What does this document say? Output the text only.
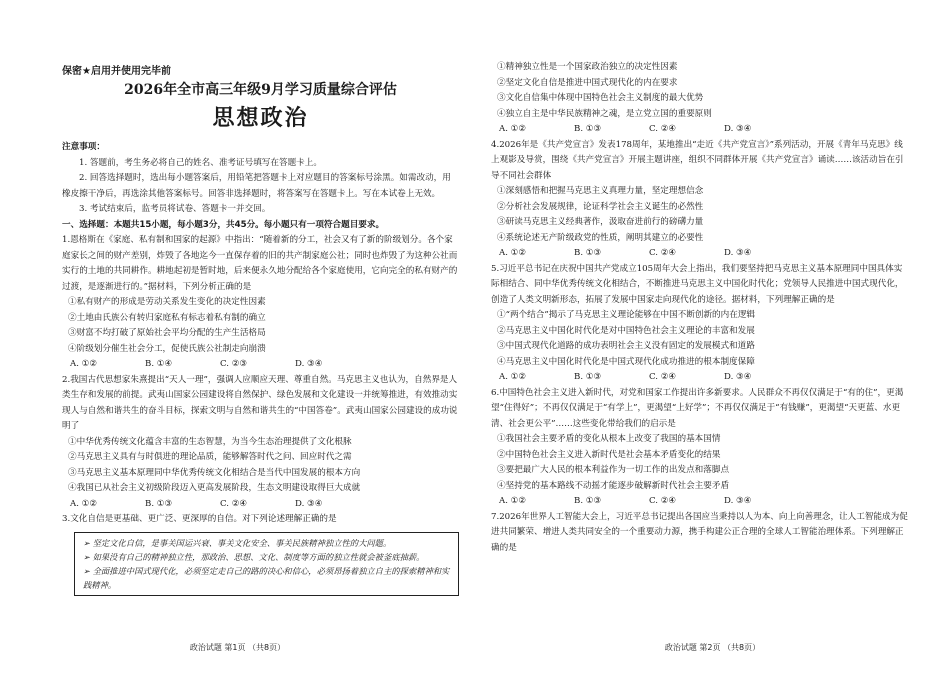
保密★启用并使用完毕前
2026年全市高三年级9月学习质量综合评估
思想政治

注意事项：

1. 答题前，考生务必将自己的姓名、准考证号填写在答题卡上。

2. 回答选择题时，选出每小题答案后，用铅笔把答题卡上对应题目的答案标号涂黑。如需改动，用橡皮擦干净后，再选涂其他答案标号。回答非选择题时，将答案写在答题卡上。写在本试卷上无效。

3. 考试结束后，监考员将试卷、答题卡一并交回。

一、选择题：本题共15小题，每小题3分，共45分。每小题只有一项符合题目要求。

1.恩格斯在《家庭、私有制和国家的起源》中指出：“随着新的分工，社会又有了新的阶级划分。各个家庭家长之间的财产差别，炸毁了各地迄今一直保存着的旧的共产制家庭公社；同时也炸毁了为这种公社而实行的土地的共同耕作。耕地起初是暂时地，后来便永久地分配给各个家庭使用，它向完全的私有财产的过渡，是逐渐进行的。”据材料，下列分析正确的是

①私有财产的形成是劳动关系发生变化的决定性因素

②土地由氏族公有转归家庭私有标志着私有制的确立

③财富不均打破了原始社会平均分配的生产生活格局

④阶级划分催生社会分工，促使氏族公社制走向崩溃

A. ①②	B. ①④	C. ②③	D. ③④

2.我国古代思想家朱熹提出“天人一理”，强调人应顺应天理、尊重自然。马克思主义也认为，自然界是人类生存和发展的前提。武夷山国家公园建设将自然保护、绿色发展和文化建设一并统筹推进，有效推动实现人与自然和谐共生的奋斗目标，探索文明与自然和谐共生的“中国答卷”。武夷山国家公园建设的成功说明了

①中华优秀传统文化蕴含丰富的生态智慧，为当今生态治理提供了文化根脉

②马克思主义具有与时俱进的理论品质，能够解答时代之问、回应时代之需

③马克思主义基本原理同中华优秀传统文化相结合是当代中国发展的根本方向

④我国已从社会主义初级阶段迈入更高发展阶段，生态文明建设取得巨大成就

A. ①②	B. ①③	C. ②④	D. ③④

3.文化自信是更基础、更广泛、更深厚的自信。对下列论述理解正确的是

➢ 坚定文化自信，是事关国运兴衰、事关文化安全、事关民族精神独立性的大问题。

➢ 如果没有自己的精神独立性，那政治、思想、文化、制度等方面的独立性就会被釜底抽薪。

➢ 全面推进中国式现代化，必须坚定走自己的路的决心和信心，必须昂扬着独立自主的探索精神和实践精神。

政治试题 第1页 （共8页）

①精神独立性是一个国家政治独立的决定性因素

②坚定文化自信是推进中国式现代化的内在要求

③文化自信集中体现中国特色社会主义制度的最大优势

④独立自主是中华民族精神之魂，是立党立国的重要原则

A. ①②	B. ①③	C. ②④	D. ③④

4.2026年是《共产党宣言》发表178周年，某地推出“走近《共产党宣言》”系列活动，开展《青年马克思》线上观影及导赏，围绕《共产党宣言》开展主题讲座，组织不同群体开展《共产党宣言》诵读……该活动旨在引导不同社会群体

①深刻感悟和把握马克思主义真理力量，坚定理想信念

②分析社会发展规律，论证科学社会主义诞生的必然性

③研读马克思主义经典著作，汲取奋进前行的磅礴力量

④系统论述无产阶级政党的性质，阐明其建立的必要性

A. ①②	B. ①③	C. ②④	D. ③④

5.习近平总书记在庆祝中国共产党成立105周年大会上指出，我们要坚持把马克思主义基本原理同中国具体实际相结合、同中华优秀传统文化相结合，不断推进马克思主义中国化时代化；党领导人民推进中国式现代化，创造了人类文明新形态，拓展了发展中国家走向现代化的途径。据材料，下列理解正确的是

①“两个结合”揭示了马克思主义理论能够在中国不断创新的内在逻辑

②马克思主义中国化时代化是对中国特色社会主义理论的丰富和发展

③中国式现代化道路的成功表明社会主义没有固定的发展模式和道路

④马克思主义中国化时代化是中国式现代化成功推进的根本制度保障

A. ①②	B. ①③	C. ②④	D. ③④

6.中国特色社会主义进入新时代，对党和国家工作提出许多新要求。人民群众不再仅仅满足于“有的住”，更渴望“住得好”；不再仅仅满足于“有学上”，更渴望“上好学”；不再仅仅满足于“有钱赚”，更渴望“天更蓝、水更清、社会更公平”……这些变化带给我们的启示是

①我国社会主要矛盾的变化从根本上改变了我国的基本国情

②中国特色社会主义进入新时代是社会基本矛盾变化的结果

③要把最广大人民的根本利益作为一切工作的出发点和落脚点

④坚持党的基本路线不动摇才能逐步破解新时代社会主要矛盾

A. ①②	B. ①③	C. ②④	D. ③④

7.2026年世界人工智能大会上，习近平总书记提出各国应当秉持以人为本、向上向善理念，让人工智能成为促进共同繁荣、增进人类共同安全的一个重要动力源，携手构建公正合理的全球人工智能治理体系。下列理解正确的是

政治试题 第2页 （共8页）
